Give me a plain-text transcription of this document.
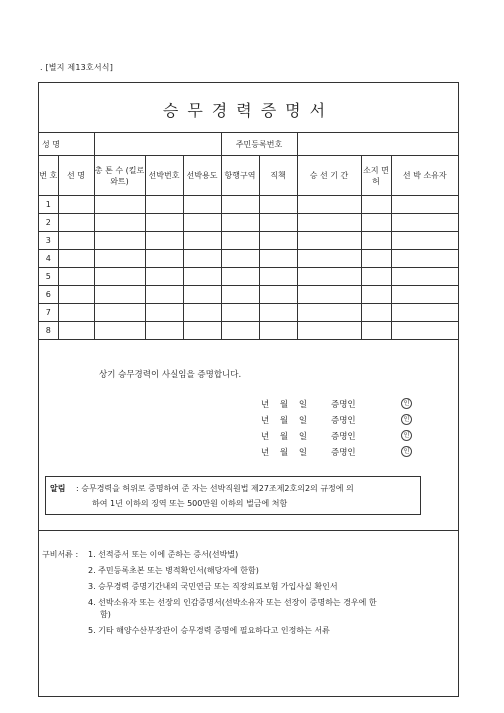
. [별지 제13호서식]
승무경력증명서
성 명					주민등록번호				
번 호	선 명	총 톤 수 (킬로와트)	선박번호	선박용도	항행구역	직책	승 선 기 간	소지 면허	선 박 소유자
1									
2									
3									
4									
5									
6									
7									
8									
상기 승무경력이 사실임을 증명합니다.
년 월 일	증명인	인
년 월 일	증명인	인
년 월 일	증명인	인
년 월 일	증명인	인
알림 : 승무경력을 허위로 증명하여 준 자는 선박직원법 제27조제2호의2의 규정에 의
하여 1년 이하의 징역 또는 500만원 이하의 벌금에 처함
구비서류 : 1. 선적증서 또는 이에 준하는 증서(선박별)
2. 주민등록초본 또는 병적확인서(해당자에 한함)
3. 승무경력 증명기간내의 국민연금 또는 직장의료보험 가입사실 확인서
4. 선박소유자 또는 선장의 인감증명서(선박소유자 또는 선장이 증명하는 경우에 한
함)
5. 기타 해양수산부장관이 승무경력 증명에 필요하다고 인정하는 서류
